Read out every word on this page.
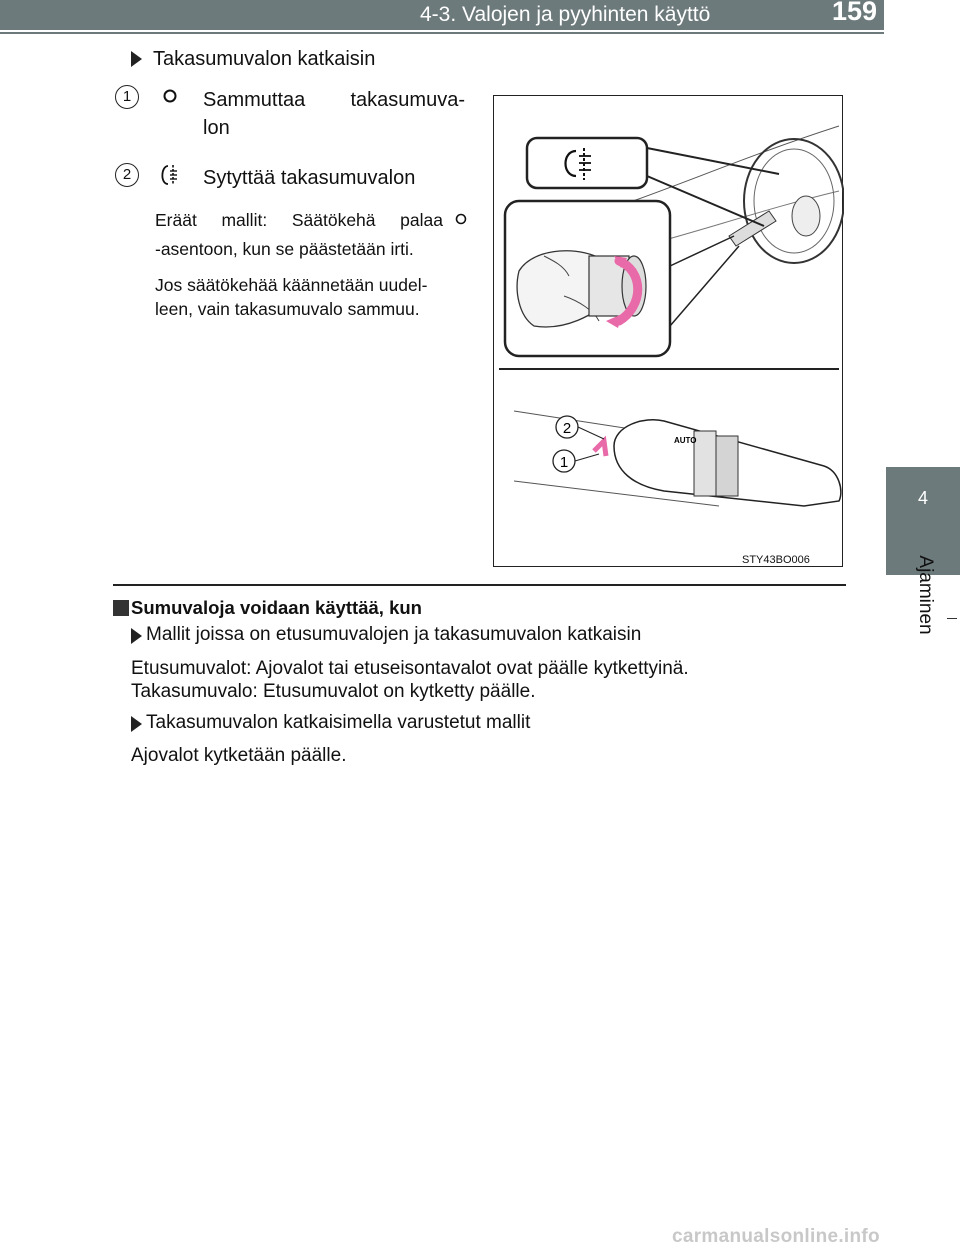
4-3. Valojen ja pyyhinten käyttö	159
4
Ajaminen
Takasumuvalon katkaisin
1	Sammuttaa takasumuva-
lon
2	Sytyttää takasumuvalon
Eräät mallit: Säätökehä palaa
-asentoon, kun se päästetään irti.
Jos säätökehää käännetään uudel-
leen, vain takasumuvalo sammuu.
AUTO
2
1
STY43BO006
Sumuvaloja voidaan käyttää, kun
Mallit joissa on etusumuvalojen ja takasumuvalon katkaisin
Etusumuvalot: Ajovalot tai etuseisontavalot ovat päälle kytkettyinä.
Takasumuvalo: Etusumuvalot on kytketty päälle.
Takasumuvalon katkaisimella varustetut mallit
Ajovalot kytketään päälle.
carmanualsonline.info
